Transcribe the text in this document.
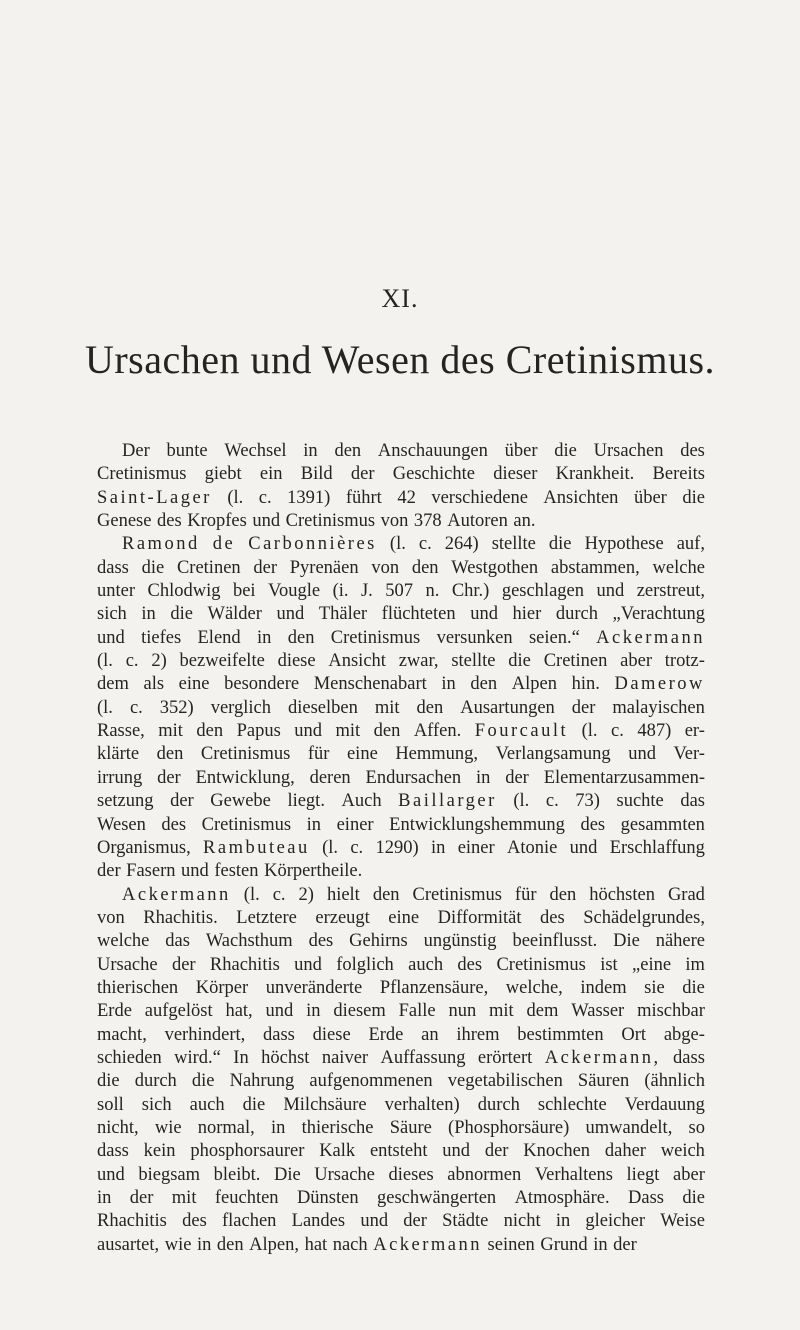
XI.
Ursachen und Wesen des Cretinismus.
Der bunte Wechsel in den Anschauungen über die Ursachen des
Cretinismus giebt ein Bild der Geschichte dieser Krankheit. Bereits
Saint-Lager (l. c. 1391) führt 42 verschiedene Ansichten über die
Genese des Kropfes und Cretinismus von 378 Autoren an.
Ramond de Carbonnières (l. c. 264) stellte die Hypothese auf,
dass die Cretinen der Pyrenäen von den Westgothen abstammen, welche
unter Chlodwig bei Vougle (i. J. 507 n. Chr.) geschlagen und zerstreut,
sich in die Wälder und Thäler flüchteten und hier durch „Verachtung
und tiefes Elend in den Cretinismus versunken seien.“ Ackermann
(l. c. 2) bezweifelte diese Ansicht zwar, stellte die Cretinen aber trotz-
dem als eine besondere Menschenabart in den Alpen hin. Damerow
(l. c. 352) verglich dieselben mit den Ausartungen der malayischen
Rasse, mit den Papus und mit den Affen. Fourcault (l. c. 487) er-
klärte den Cretinismus für eine Hemmung, Verlangsamung und Ver-
irrung der Entwicklung, deren Endursachen in der Elementarzusammen-
setzung der Gewebe liegt. Auch Baillarger (l. c. 73) suchte das
Wesen des Cretinismus in einer Entwicklungshemmung des gesammten
Organismus, Rambuteau (l. c. 1290) in einer Atonie und Erschlaffung
der Fasern und festen Körpertheile.
Ackermann (l. c. 2) hielt den Cretinismus für den höchsten Grad
von Rhachitis. Letztere erzeugt eine Difformität des Schädelgrundes,
welche das Wachsthum des Gehirns ungünstig beeinflusst. Die nähere
Ursache der Rhachitis und folglich auch des Cretinismus ist „eine im
thierischen Körper unveränderte Pflanzensäure, welche, indem sie die
Erde aufgelöst hat, und in diesem Falle nun mit dem Wasser mischbar
macht, verhindert, dass diese Erde an ihrem bestimmten Ort abge-
schieden wird.“ In höchst naiver Auffassung erörtert Ackermann, dass
die durch die Nahrung aufgenommenen vegetabilischen Säuren (ähnlich
soll sich auch die Milchsäure verhalten) durch schlechte Verdauung
nicht, wie normal, in thierische Säure (Phosphorsäure) umwandelt, so
dass kein phosphorsaurer Kalk entsteht und der Knochen daher weich
und biegsam bleibt. Die Ursache dieses abnormen Verhaltens liegt aber
in der mit feuchten Dünsten geschwängerten Atmosphäre. Dass die
Rhachitis des flachen Landes und der Städte nicht in gleicher Weise
ausartet, wie in den Alpen, hat nach Ackermann seinen Grund in der
